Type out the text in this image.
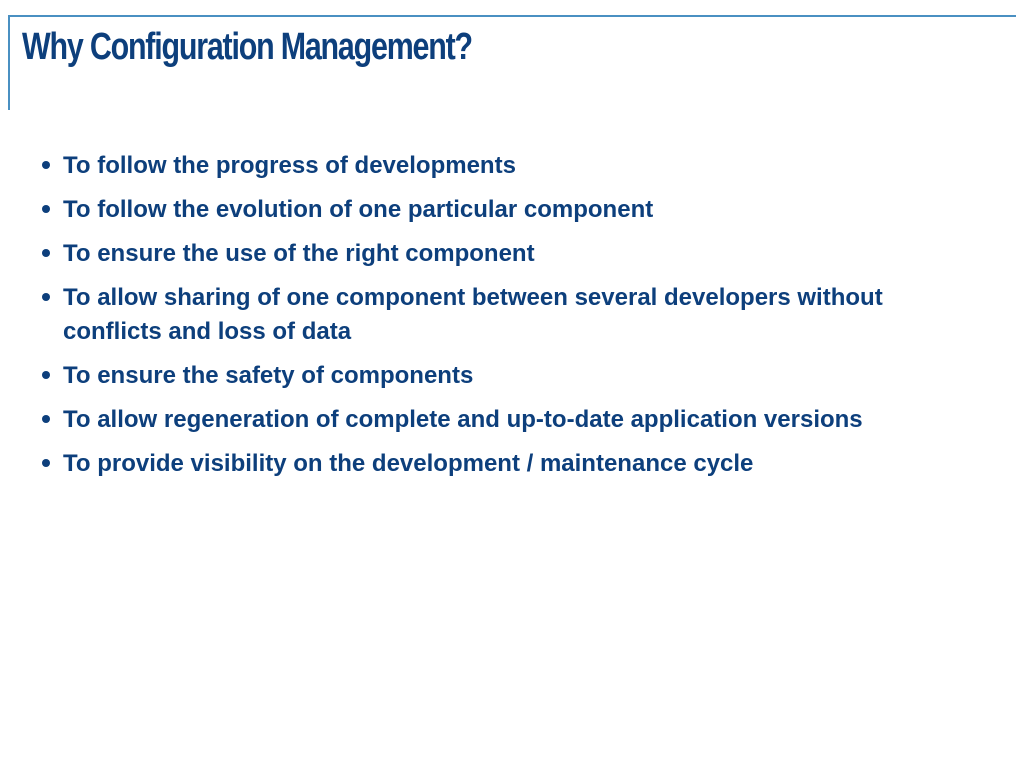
Why Configuration Management?
To follow the progress of developments
To follow the evolution of one particular component
To ensure the use of the right component
To allow sharing of one component between several developers without conflicts and loss of data
To ensure the safety of components
To allow regeneration of complete and up-to-date application versions
To provide visibility on the development / maintenance cycle
